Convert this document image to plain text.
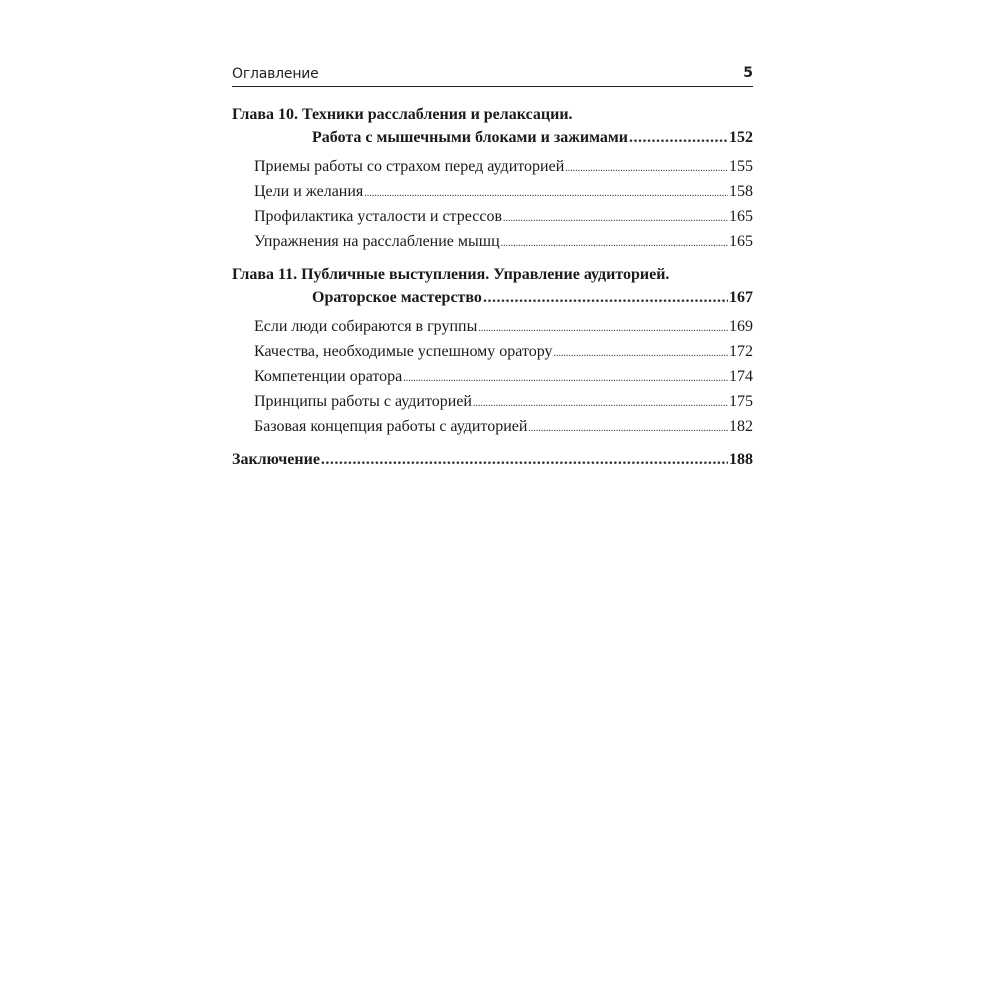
Оглавление	5
Глава 10. Техники расслабления и релаксации.
Работа с мышечными блоками и зажимами .....	152
Приемы работы со страхом перед аудиторией .....	155
Цели и желания .....	158
Профилактика усталости и стрессов .....	165
Упражнения на расслабление мышц .....	165
Глава 11. Публичные выступления. Управление аудиторией.
Ораторское мастерство .....	167
Если люди собираются в группы .....	169
Качества, необходимые успешному оратору .....	172
Компетенции оратора .....	174
Принципы работы с аудиторией .....	175
Базовая концепция работы с аудиторией .....	182
Заключение .....	188
